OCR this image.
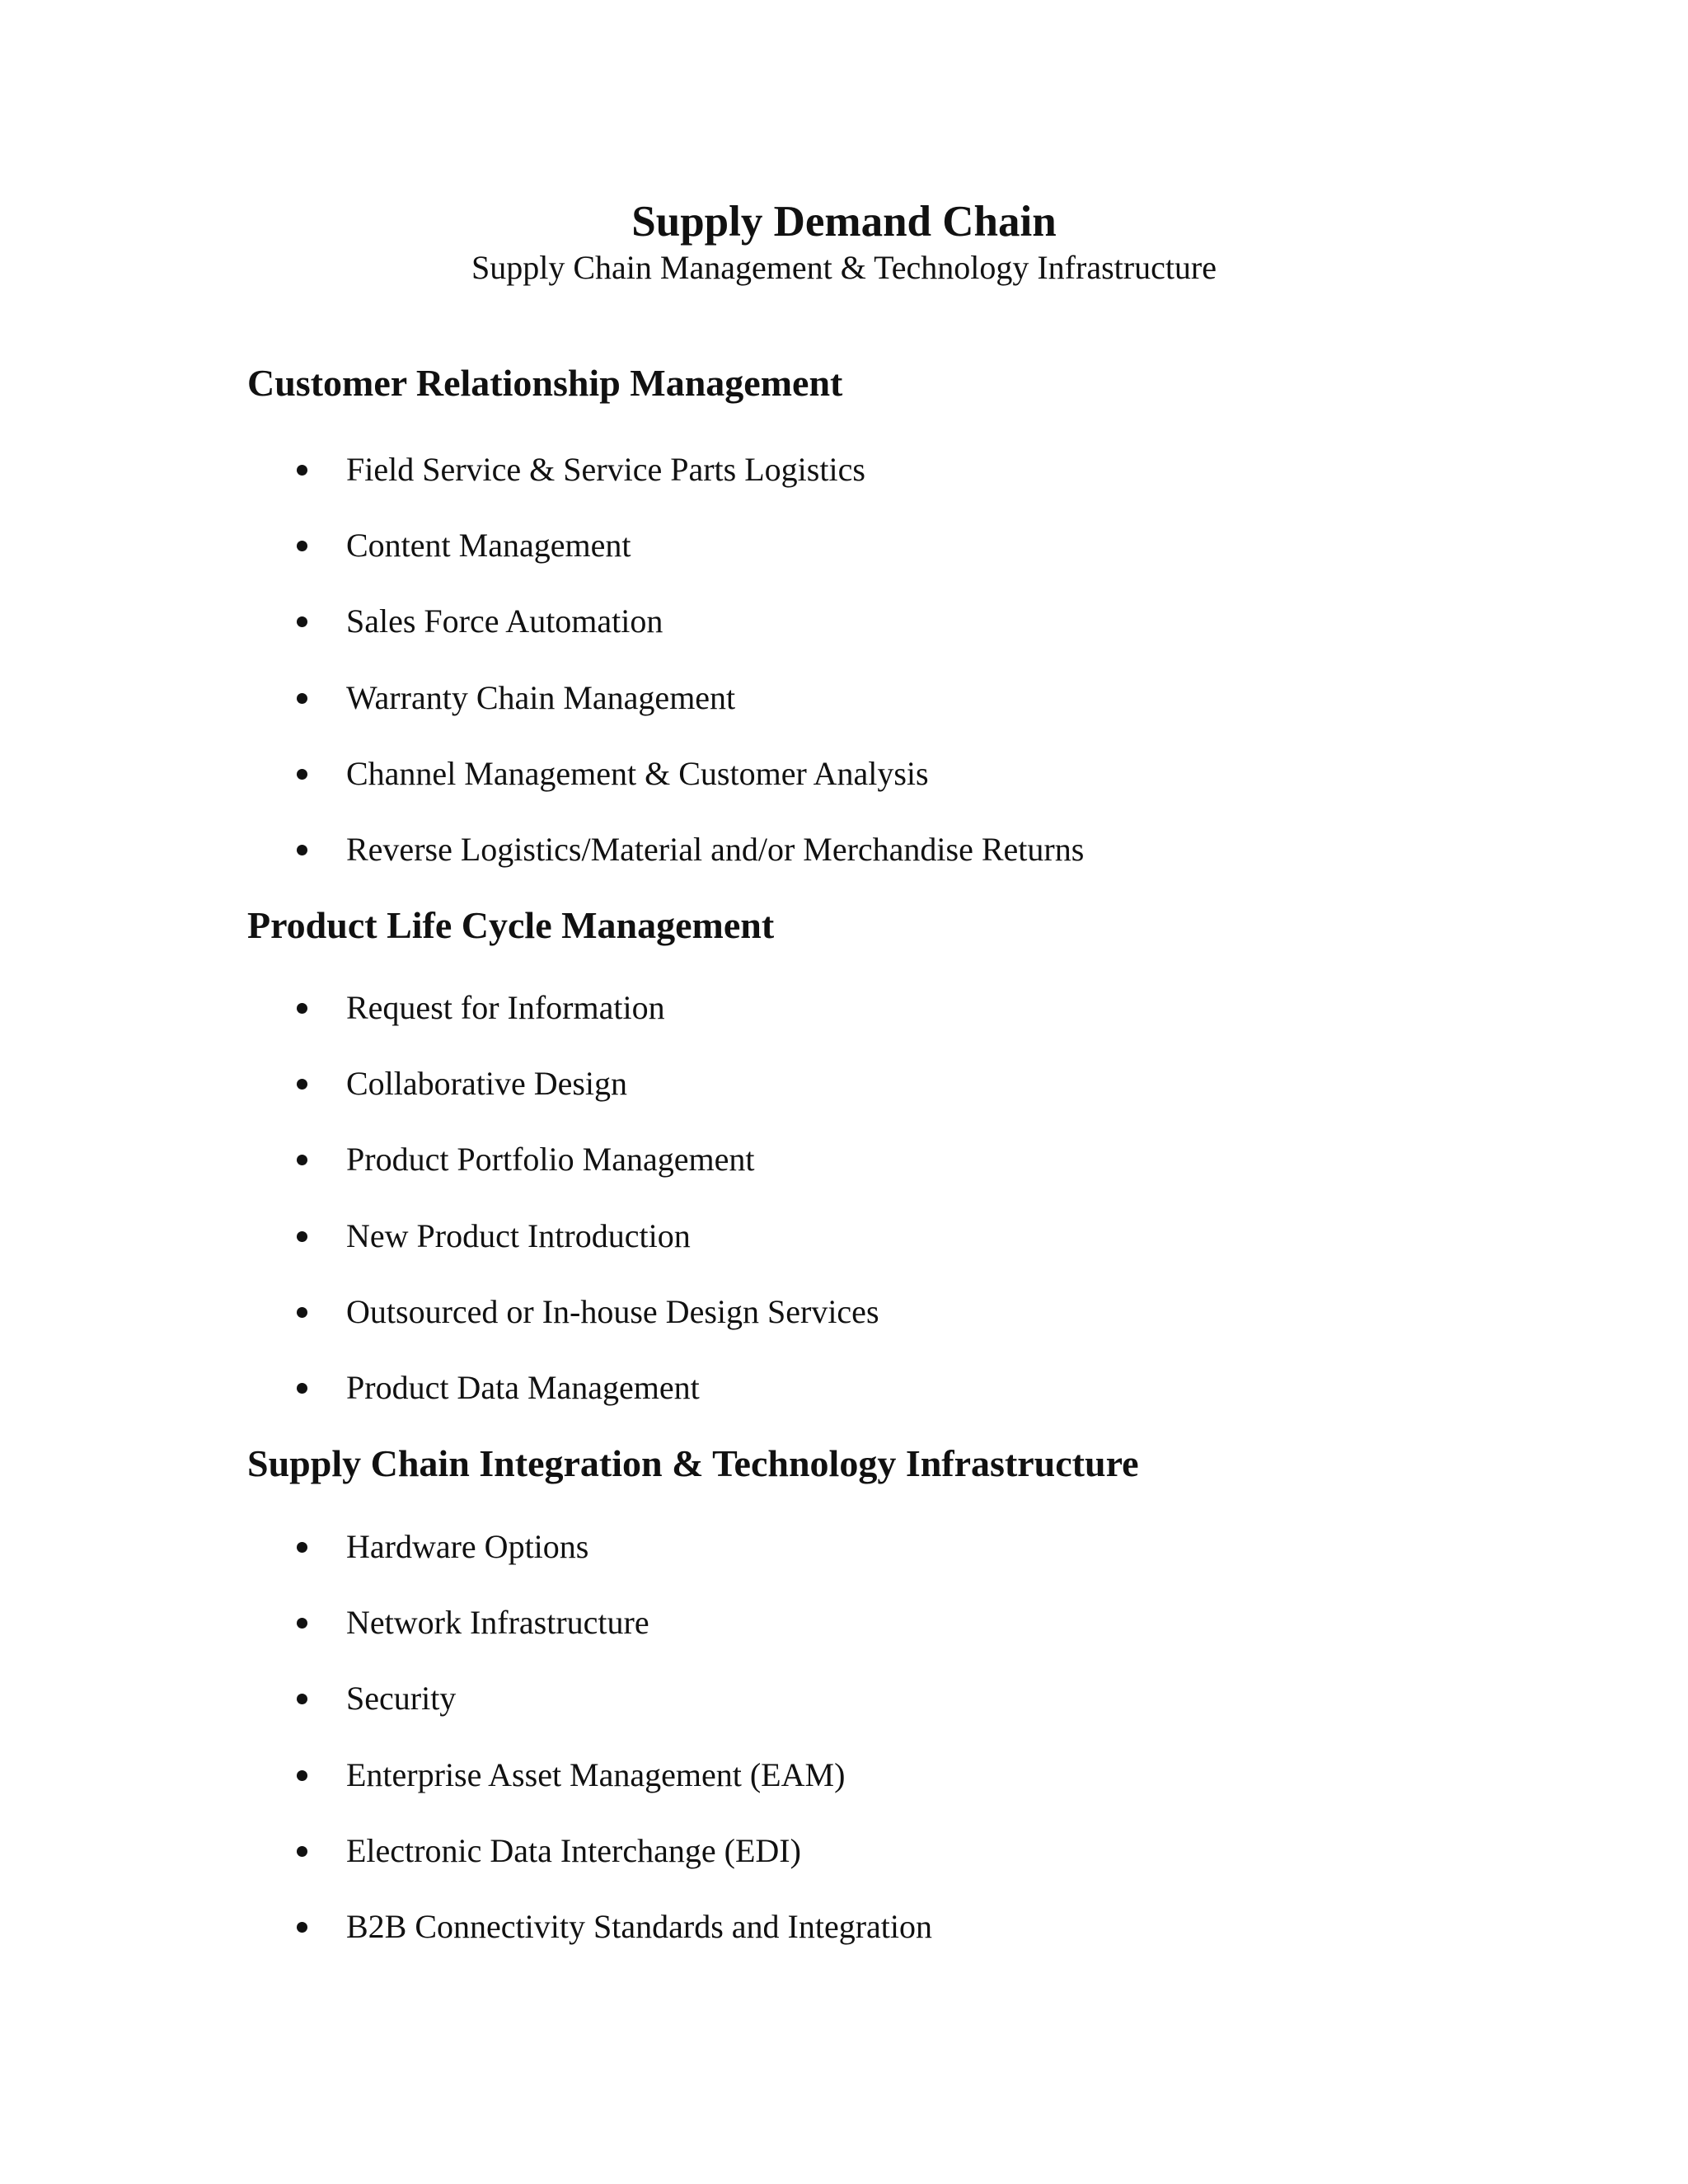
Supply Demand Chain
Supply Chain Management & Technology Infrastructure
Customer Relationship Management
Field Service & Service Parts Logistics
Content Management
Sales Force Automation
Warranty Chain Management
Channel Management & Customer Analysis
Reverse Logistics/Material and/or Merchandise Returns
Product Life Cycle Management
Request for Information
Collaborative Design
Product Portfolio Management
New Product Introduction
Outsourced or In-house Design Services
Product Data Management
Supply Chain Integration & Technology Infrastructure
Hardware Options
Network Infrastructure
Security
Enterprise Asset Management (EAM)
Electronic Data Interchange (EDI)
B2B Connectivity Standards and Integration
